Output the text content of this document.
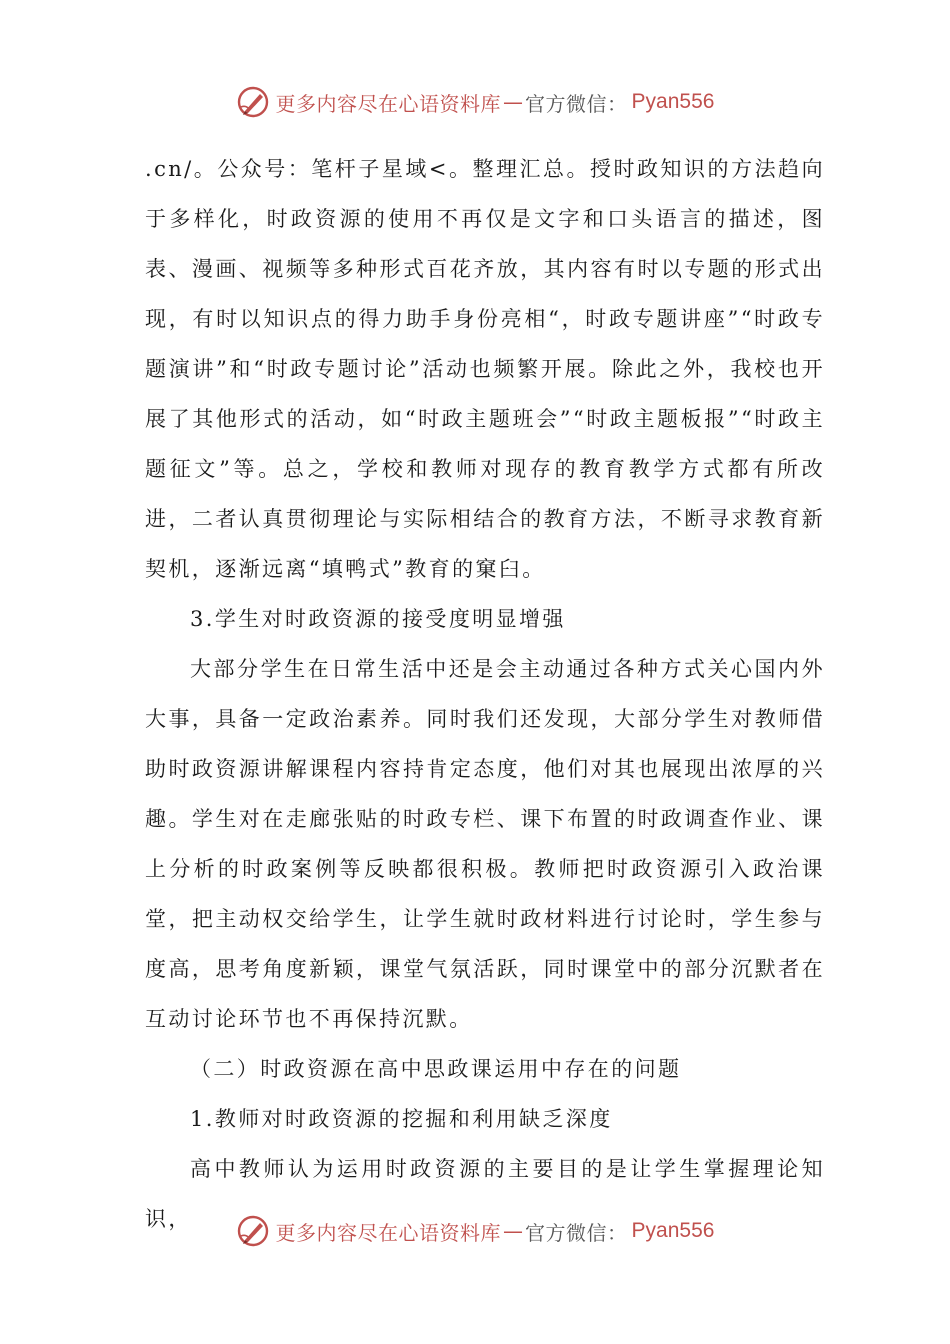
更多内容尽在心语资料库 — 官方微信： Pyan556

.cn/。公众号：笔杆子星域<。整理汇总。授时政知识的方法趋向于多样化，时政资源的使用不再仅是文字和口头语言的描述，图表、漫画、视频等多种形式百花齐放，其内容有时以专题的形式出现，有时以知识点的得力助手身份亮相“，时政专题讲座”“时政专题演讲”和“时政专题讨论”活动也频繁开展。除此之外，我校也开展了其他形式的活动，如“时政主题班会”“时政主题板报”“时政主题征文”等。总之，学校和教师对现存的教育教学方式都有所改进，二者认真贯彻理论与实际相结合的教育方法，不断寻求教育新契机，逐渐远离“填鸭式”教育的窠臼。

3.学生对时政资源的接受度明显增强

大部分学生在日常生活中还是会主动通过各种方式关心国内外大事，具备一定政治素养。同时我们还发现，大部分学生对教师借助时政资源讲解课程内容持肯定态度，他们对其也展现出浓厚的兴趣。学生对在走廊张贴的时政专栏、课下布置的时政调查作业、课上分析的时政案例等反映都很积极。教师把时政资源引入政治课堂，把主动权交给学生，让学生就时政材料进行讨论时，学生参与度高，思考角度新颖，课堂气氛活跃，同时课堂中的部分沉默者在互动讨论环节也不再保持沉默。

（二）时政资源在高中思政课运用中存在的问题

1.教师对时政资源的挖掘和利用缺乏深度

高中教师认为运用时政资源的主要目的是让学生掌握理论知识，

更多内容尽在心语资料库 — 官方微信： Pyan556
